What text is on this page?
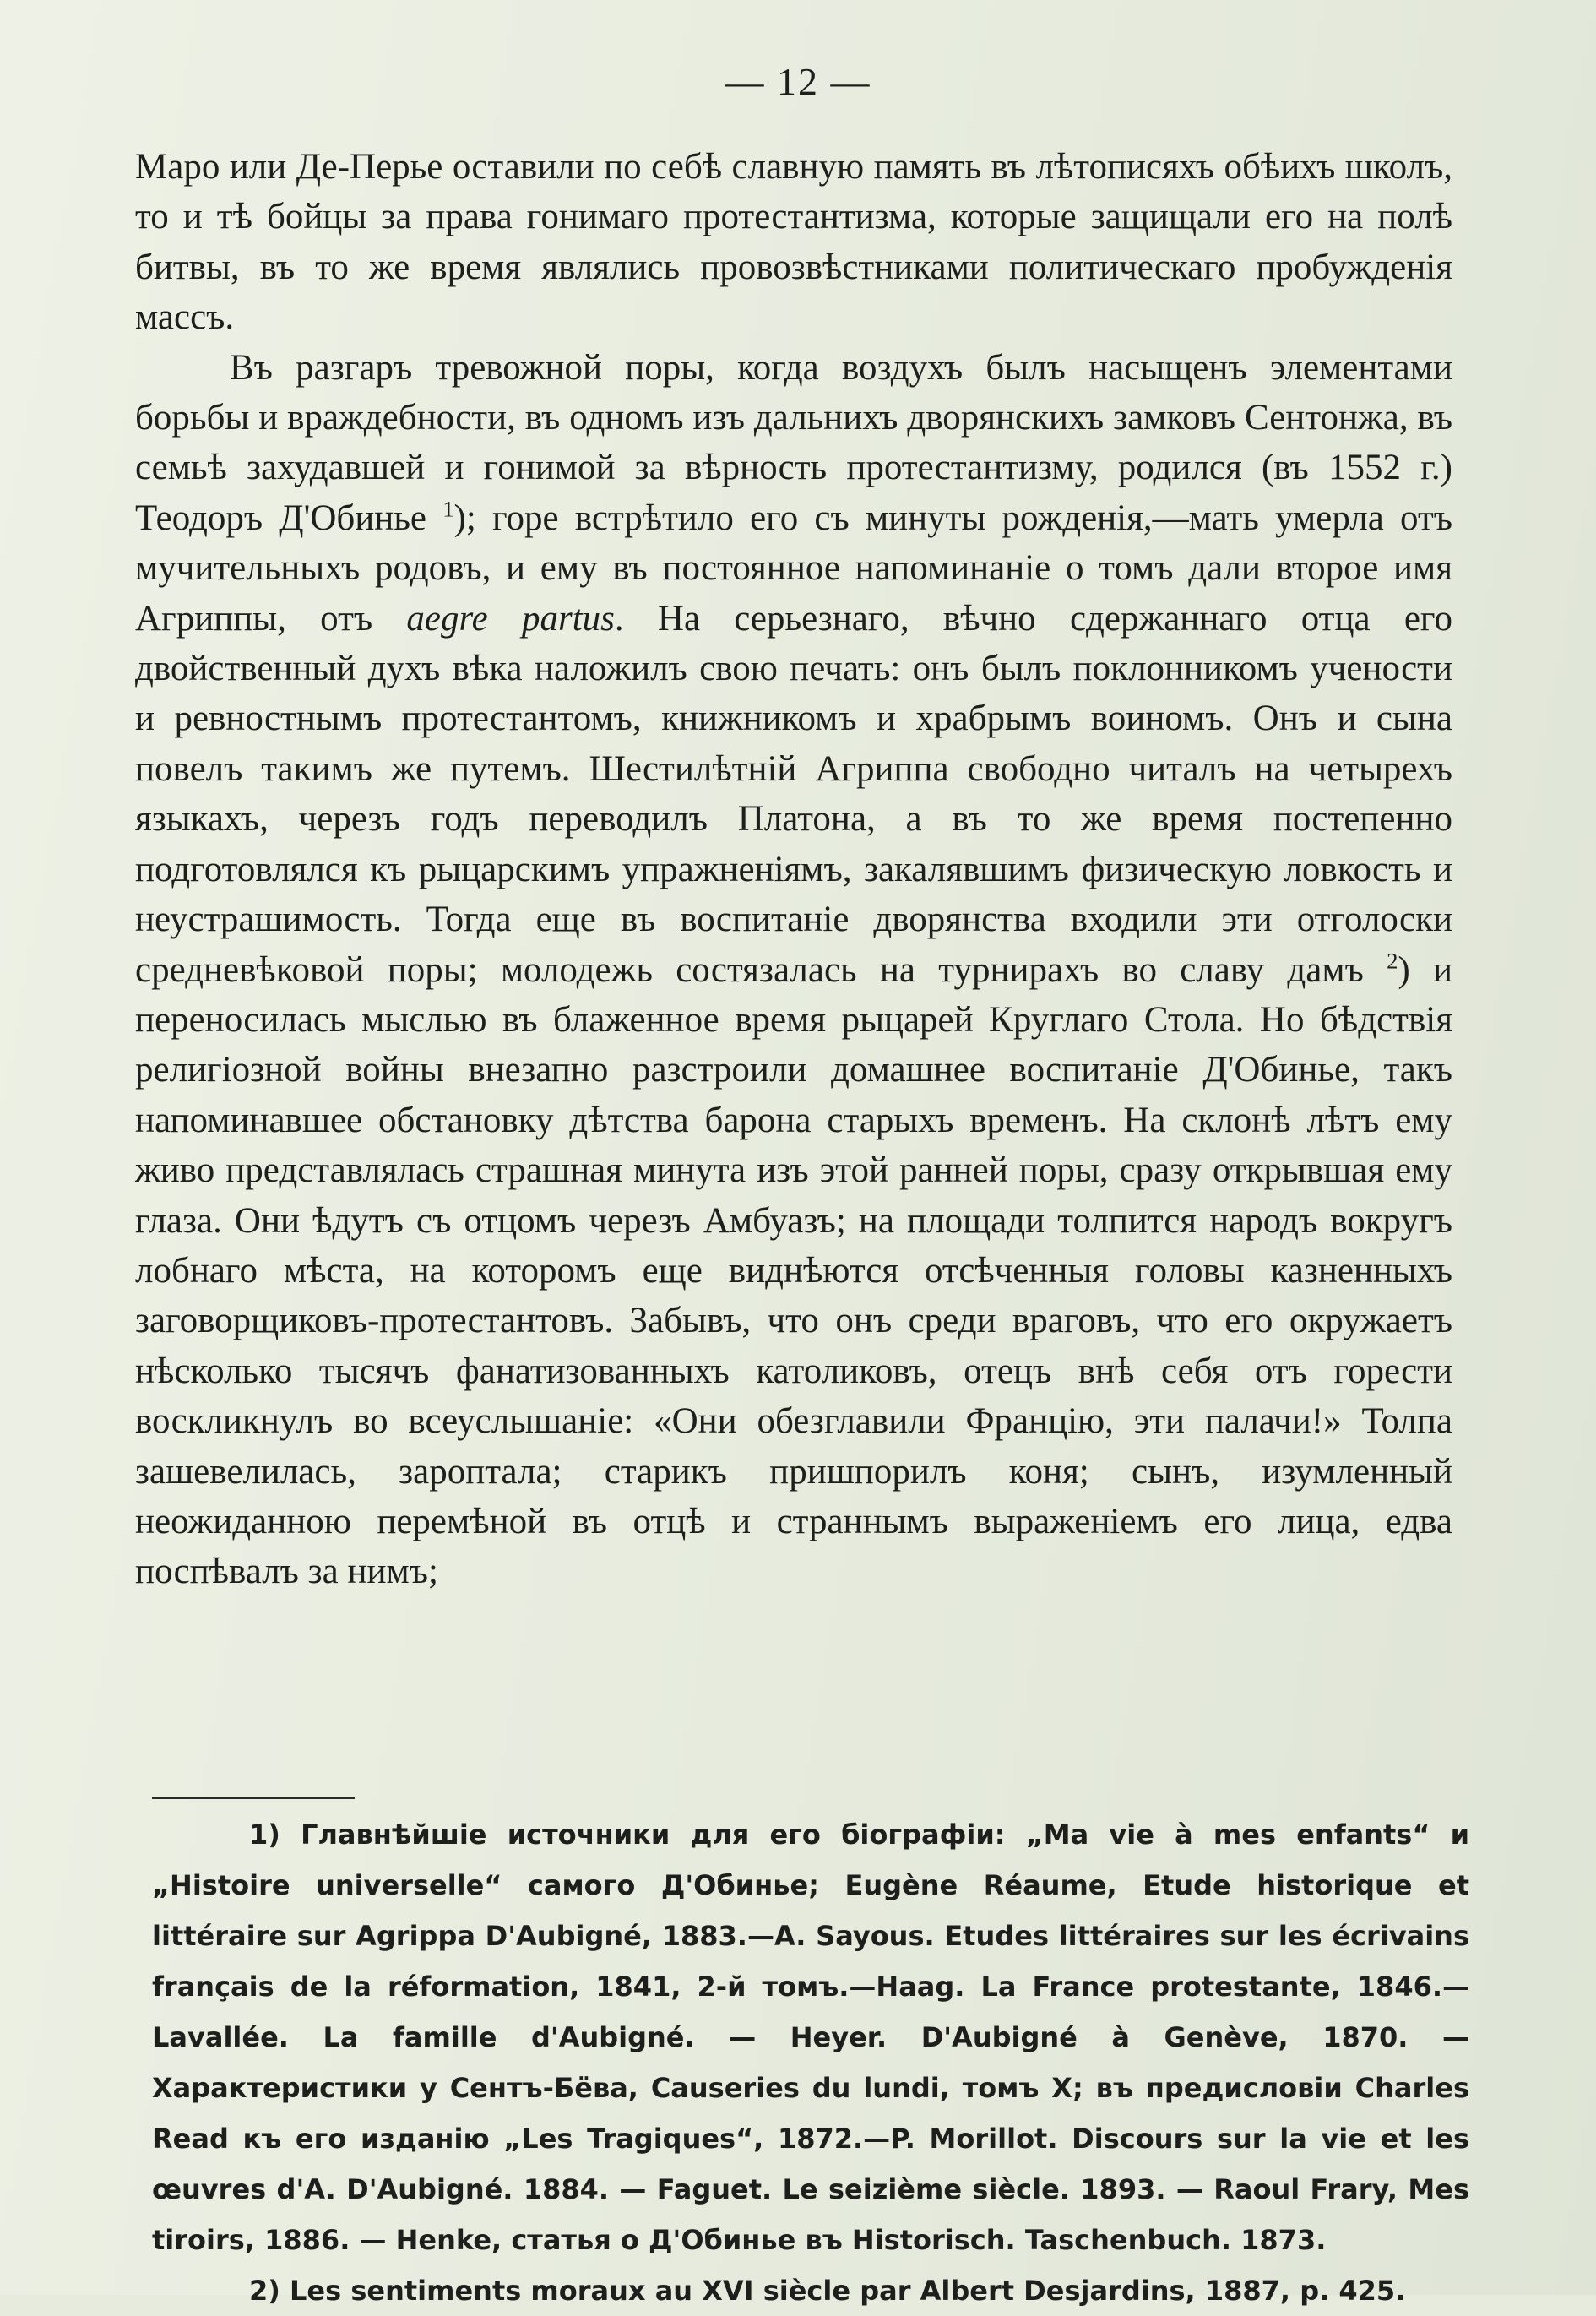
— 12 —

Маро или Де-Перье оставили по себѣ славную память въ лѣтописяхъ обѣихъ школъ, то и тѣ бойцы за права гонимаго протестантизма, которые защищали его на полѣ битвы, въ то же время являлись провозвѣстниками политическаго пробужденія массъ.

Въ разгаръ тревожной поры, когда воздухъ былъ насыщенъ элементами борьбы и враждебности, въ одномъ изъ дальнихъ дворянскихъ замковъ Сентонжа, въ семьѣ захудавшей и гонимой за вѣрность протестантизму, родился (въ 1552 г.) Теодоръ Д'Обинье $^1$); горе встрѣтило его съ минуты рожденія,—мать умерла отъ мучительныхъ родовъ, и ему въ постоянное напоминаніе о томъ дали второе имя Агриппы, отъ aegre partus. На серьезнаго, вѣчно сдержаннаго отца его двойственный духъ вѣка наложилъ свою печать: онъ былъ поклонникомъ учености и ревностнымъ протестантомъ, книжникомъ и храбрымъ воиномъ. Онъ и сына повелъ такимъ же путемъ. Шестилѣтній Агриппа свободно читалъ на четырехъ языкахъ, черезъ годъ переводилъ Платона, а въ то же время постепенно подготовлялся къ рыцарскимъ упражненіямъ, закалявшимъ физическую ловкость и неустрашимость. Тогда еще въ воспитаніе дворянства входили эти отголоски средневѣковой поры; молодежь состязалась на турнирахъ во славу дамъ $^2$) и переносилась мыслью въ блаженное время рыцарей Круглаго Стола. Но бѣдствія религіозной войны внезапно разстроили домашнее воспитаніе Д'Обинье, такъ напоминавшее обстановку дѣтства барона старыхъ временъ. На склонѣ лѣтъ ему живо представлялась страшная минута изъ этой ранней поры, сразу открывшая ему глаза. Они ѣдутъ съ отцомъ черезъ Амбуазъ; на площади толпится народъ вокругъ лобнаго мѣста, на которомъ еще виднѣются отсѣченныя головы казненныхъ заговорщиковъ-протестантовъ. Забывъ, что онъ среди враговъ, что его окружаетъ нѣсколько тысячъ фанатизованныхъ католиковъ, отецъ внѣ себя отъ горести воскликнулъ во всеуслышаніе: «Они обезглавили Францію, эти палачи!» Толпа зашевелилась, зароптала; старикъ пришпорилъ коня; сынъ, изумленный неожиданною перемѣной въ отцѣ и страннымъ выраженіемъ его лица, едва поспѣвалъ за нимъ;

1) Главнѣйшіе источники для его біографіи: „Ma vie à mes enfants“ и „Histoire universelle“ самого Д'Обинье; Eugène Réaume, Etude historique et littéraire sur Agrippa D'Aubigné, 1883.—A. Sayous. Etudes littéraires sur les écrivains français de la réformation, 1841, 2-й томъ.—Haag. La France protestante, 1846.—Lavallée. La famille d'Aubigné. — Heyer. D'Aubigné à Genève, 1870. — Характеристики у Сентъ-Бёва, Causeries du lundi, томъ X; въ предисловіи Charles Read къ его изданію „Les Tragiques“, 1872.—P. Morillot. Discours sur la vie et les œuvres d'A. D'Aubigné. 1884. — Faguet. Le seizième siècle. 1893. — Raoul Frary, Mes tiroirs, 1886. — Henke, статья о Д'Обинье въ Historisch. Taschenbuch. 1873.

2) Les sentiments moraux au XVI siècle par Albert Desjardins, 1887, p. 425.
